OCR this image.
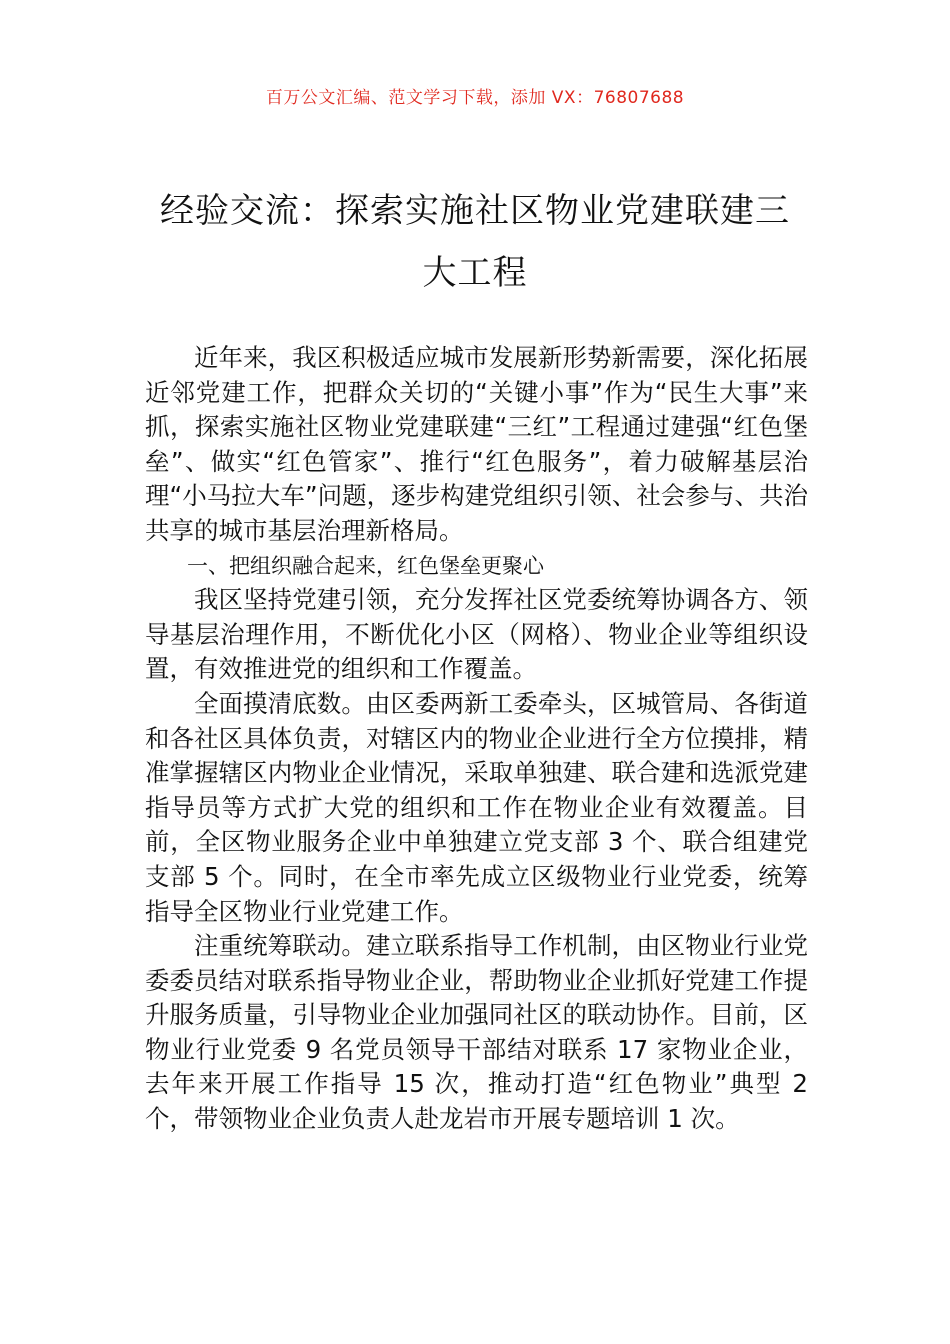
百万公文汇编、范文学习下载，添加 VX：76807688
经验交流：探索实施社区物业党建联建三大工程

近年来，我区积极适应城市发展新形势新需要，深化拓展近邻党建工作，把群众关切的“关键小事”作为“民生大事”来抓，探索实施社区物业党建联建“三红”工程通过建强“红色堡垒”、做实“红色管家”、推行“红色服务”，着力破解基层治理“小马拉大车”问题，逐步构建党组织引领、社会参与、共治共享的城市基层治理新格局。

一、把组织融合起来，红色堡垒更聚心

我区坚持党建引领，充分发挥社区党委统筹协调各方、领导基层治理作用，不断优化小区（网格）、物业企业等组织设置，有效推进党的组织和工作覆盖。

全面摸清底数。由区委两新工委牵头，区城管局、各街道和各社区具体负责，对辖区内的物业企业进行全方位摸排，精准掌握辖区内物业企业情况，采取单独建、联合建和选派党建指导员等方式扩大党的组织和工作在物业企业有效覆盖。目前，全区物业服务企业中单独建立党支部 3 个、联合组建党支部 5 个。同时，在全市率先成立区级物业行业党委，统筹指导全区物业行业党建工作。

注重统筹联动。建立联系指导工作机制，由区物业行业党委委员结对联系指导物业企业，帮助物业企业抓好党建工作提升服务质量，引导物业企业加强同社区的联动协作。目前，区物业行业党委 9 名党员领导干部结对联系 17 家物业企业，去年来开展工作指导 15 次，推动打造“红色物业”典型 2 个，带领物业企业负责人赴龙岩市开展专题培训 1 次。
